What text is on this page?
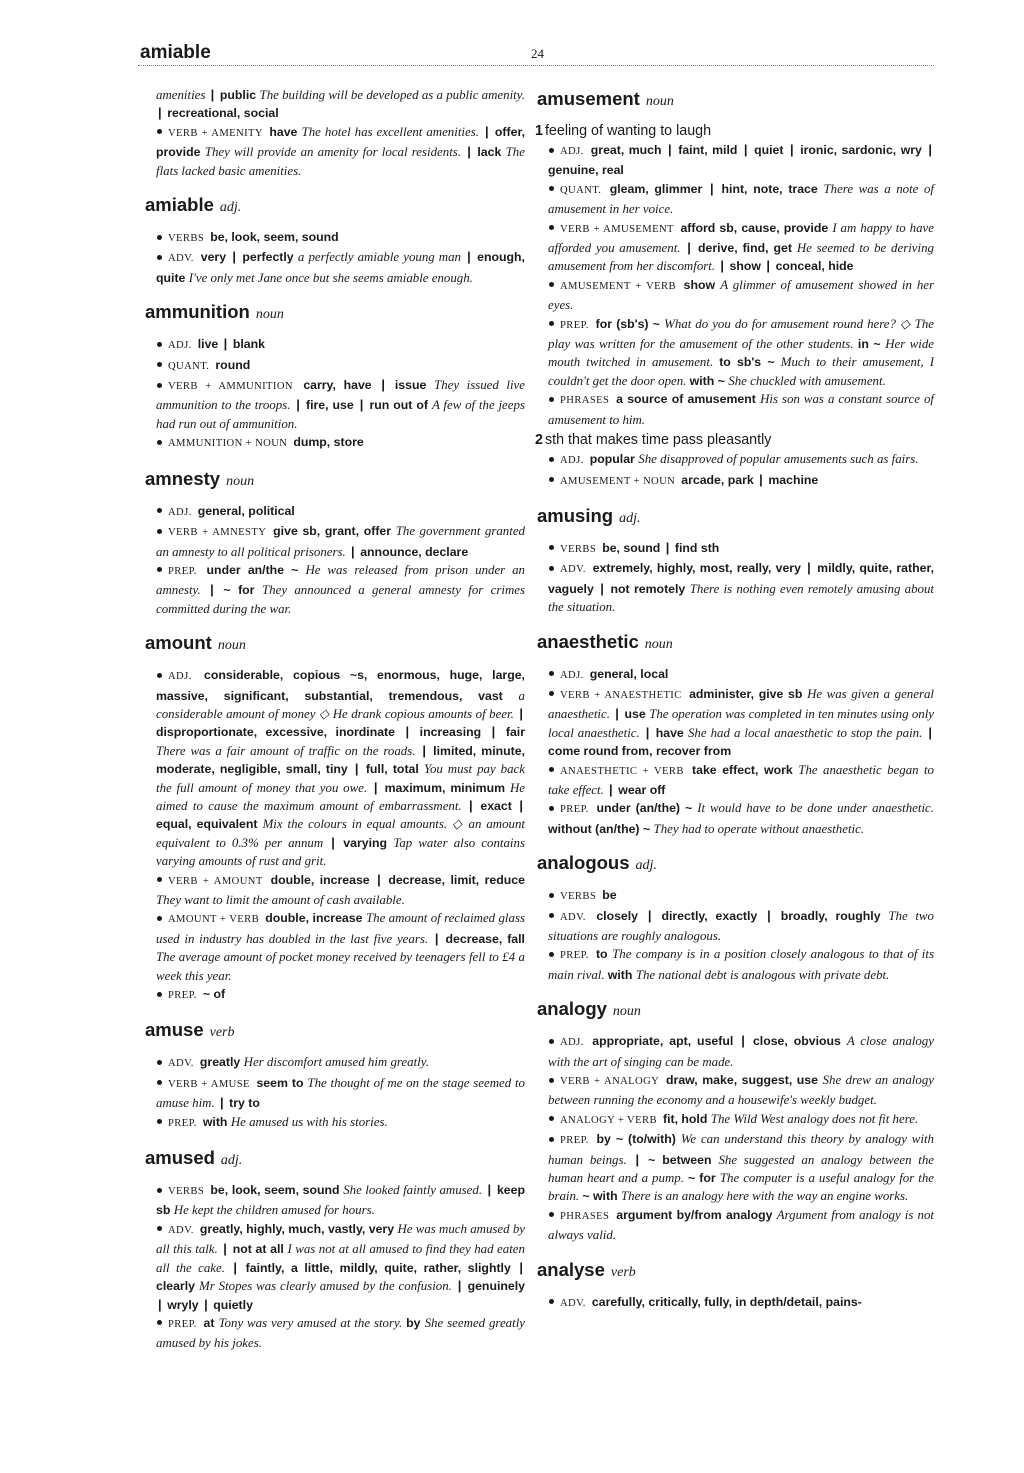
amiable	24

amenities | public The building will be developed as a public amenity. | recreational, social

VERB + AMENITY have The hotel has excellent amenities. | offer, provide They will provide an amenity for local residents. | lack The flats lacked basic amenities.

amiable adj.

VERBS be, look, seem, sound

ADV. very | perfectly a perfectly amiable young man | enough, quite I've only met Jane once but she seems amiable enough.

ammunition noun

ADJ. live | blank

QUANT. round

VERB + AMMUNITION carry, have | issue They issued live ammunition to the troops. | fire, use | run out of A few of the jeeps had run out of ammunition.

AMMUNITION + NOUN dump, store

amnesty noun

ADJ. general, political

VERB + AMNESTY give sb, grant, offer The government granted an amnesty to all political prisoners. | announce, declare

PREP. under an/the ~ He was released from prison under an amnesty. | ~ for They announced a general amnesty for crimes committed during the war.

amount noun

ADJ. considerable, copious ~s, enormous, huge, large, massive, significant, substantial, tremendous, vast a considerable amount of money ◇ He drank copious amounts of beer. | disproportionate, excessive, inordinate | increasing | fair There was a fair amount of traffic on the roads. | limited, minute, moderate, negligible, small, tiny | full, total You must pay back the full amount of money that you owe. | maximum, minimum He aimed to cause the maximum amount of embarrassment. | exact | equal, equivalent Mix the colours in equal amounts. ◇ an amount equivalent to 0.3% per annum | varying Tap water also contains varying amounts of rust and grit.

VERB + AMOUNT double, increase | decrease, limit, reduce They want to limit the amount of cash available.

AMOUNT + VERB double, increase The amount of reclaimed glass used in industry has doubled in the last five years. | decrease, fall The average amount of pocket money received by teenagers fell to £4 a week this year.

PREP. ~ of

amuse verb

ADV. greatly Her discomfort amused him greatly.

VERB + AMUSE seem to The thought of me on the stage seemed to amuse him. | try to

PREP. with He amused us with his stories.

amused adj.

VERBS be, look, seem, sound She looked faintly amused. | keep sb He kept the children amused for hours.

ADV. greatly, highly, much, vastly, very He was much amused by all this talk. | not at all I was not at all amused to find they had eaten all the cake. | faintly, a little, mildly, quite, rather, slightly | clearly Mr Stopes was clearly amused by the confusion. | genuinely | wryly | quietly

PREP. at Tony was very amused at the story. by She seemed greatly amused by his jokes.

amusement noun
1 feeling of wanting to laugh

ADJ. great, much | faint, mild | quiet | ironic, sardonic, wry | genuine, real

QUANT. gleam, glimmer | hint, note, trace There was a note of amusement in her voice.

VERB + AMUSEMENT afford sb, cause, provide I am happy to have afforded you amusement. | derive, find, get He seemed to be deriving amusement from her discomfort. | show | conceal, hide

AMUSEMENT + VERB show A glimmer of amusement showed in her eyes.

PREP. for (sb's) ~ What do you do for amusement round here? ◇ The play was written for the amusement of the other students. in ~ Her wide mouth twitched in amusement. to sb's ~ Much to their amusement, I couldn't get the door open. with ~ She chuckled with amusement.

PHRASES a source of amusement His son was a constant source of amusement to him.

2 sth that makes time pass pleasantly

ADJ. popular She disapproved of popular amusements such as fairs.

AMUSEMENT + NOUN arcade, park | machine

amusing adj.

VERBS be, sound | find sth

ADV. extremely, highly, most, really, very | mildly, quite, rather, vaguely | not remotely There is nothing even remotely amusing about the situation.

anaesthetic noun

ADJ. general, local

VERB + ANAESTHETIC administer, give sb He was given a general anaesthetic. | use The operation was completed in ten minutes using only local anaesthetic. | have She had a local anaesthetic to stop the pain. | come round from, recover from

ANAESTHETIC + VERB take effect, work The anaesthetic began to take effect. | wear off

PREP. under (an/the) ~ It would have to be done under anaesthetic. without (an/the) ~ They had to operate without anaesthetic.

analogous adj.

VERBS be

ADV. closely | directly, exactly | broadly, roughly The two situations are roughly analogous.

PREP. to The company is in a position closely analogous to that of its main rival. with The national debt is analogous with private debt.

analogy noun

ADJ. appropriate, apt, useful | close, obvious A close analogy with the art of singing can be made.

VERB + ANALOGY draw, make, suggest, use She drew an analogy between running the economy and a housewife's weekly budget.

ANALOGY + VERB fit, hold The Wild West analogy does not fit here.

PREP. by ~ (to/with) We can understand this theory by analogy with human beings. | ~ between She suggested an analogy between the human heart and a pump. ~ for The computer is a useful analogy for the brain. ~ with There is an analogy here with the way an engine works.

PHRASES argument by/from analogy Argument from analogy is not always valid.

analyse verb

ADV. carefully, critically, fully, in depth/detail, pains-
